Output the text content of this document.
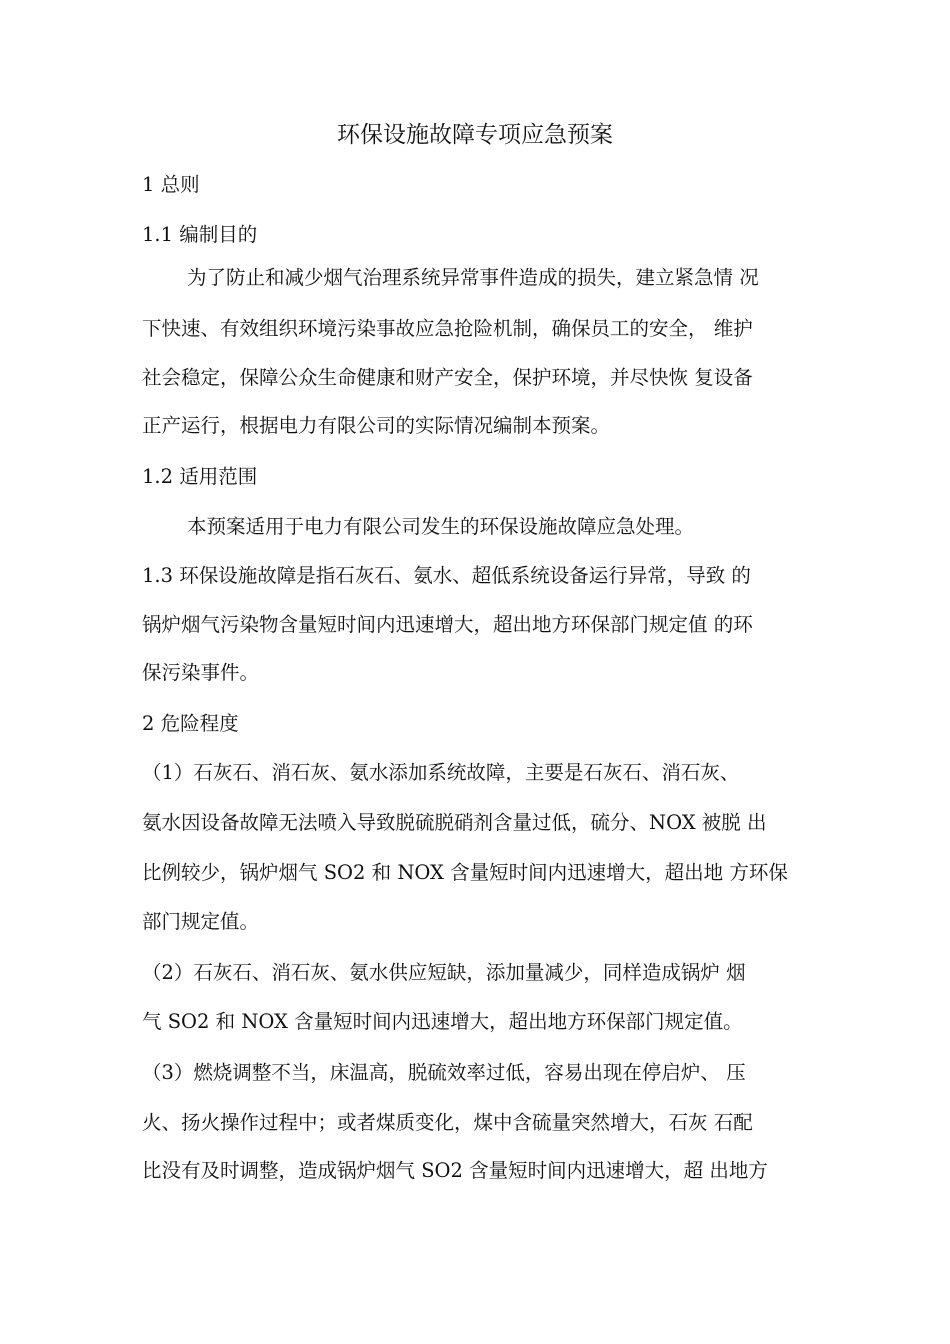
环保设施故障专项应急预案

1 总则

1.1 编制目的

为了防止和减少烟气治理系统异常事件造成的损失，建立紧急情 况

下快速、有效组织环境污染事故应急抢险机制，确保员工的安全， 维护

社会稳定，保障公众生命健康和财产安全，保护环境，并尽快恢 复设备

正产运行，根据电力有限公司的实际情况编制本预案。

1.2 适用范围

本预案适用于电力有限公司发生的环保设施故障应急处理。

1.3 环保设施故障是指石灰石、氨水、超低系统设备运行异常，导致 的

锅炉烟气污染物含量短时间内迅速增大，超出地方环保部门规定值 的环

保污染事件。

2 危险程度

（1）石灰石、消石灰、氨水添加系统故障，主要是石灰石、消石灰、

氨水因设备故障无法喷入导致脱硫脱硝剂含量过低，硫分、NOX 被脱 出

比例较少，锅炉烟气 SO2 和 NOX 含量短时间内迅速增大，超出地 方环保

部门规定值。

（2）石灰石、消石灰、氨水供应短缺，添加量减少，同样造成锅炉 烟

气 SO2 和 NOX 含量短时间内迅速增大，超出地方环保部门规定值。

（3）燃烧调整不当，床温高，脱硫效率过低，容易出现在停启炉、 压

火、扬火操作过程中；或者煤质变化，煤中含硫量突然增大，石灰 石配

比没有及时调整，造成锅炉烟气 SO2 含量短时间内迅速增大，超 出地方
